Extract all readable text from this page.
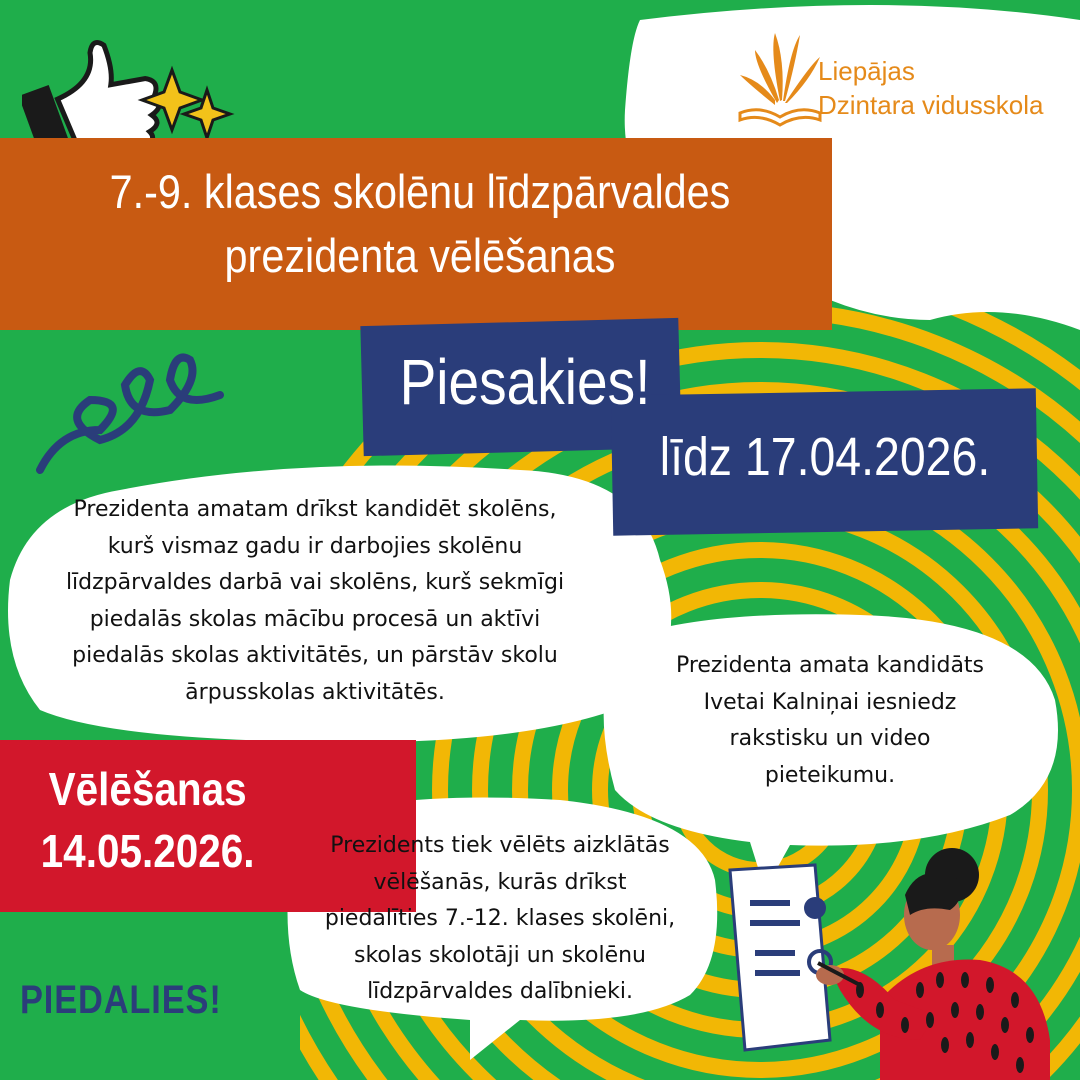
Liepājas
Dzintara vidusskola
7.-9. klases skolēnu līdzpārvaldes
prezidenta vēlēšanas
Piesakies!
līdz 17.04.2026.
Prezidenta amatam drīkst kandidēt skolēns,
kurš vismaz gadu ir darbojies skolēnu
līdzpārvaldes darbā vai skolēns, kurš sekmīgi
piedalās skolas mācību procesā un aktīvi
piedalās skolas aktivitātēs, un pārstāv skolu
ārpusskolas aktivitātēs.
Prezidenta amata kandidāts
Ivetai Kalniņai iesniedz
rakstisku un video
pieteikumu.
Vēlēšanas
14.05.2026.	Prezidents tiek vēlēts aizklātās
vēlēšanās, kurās drīkst
piedalīties 7.-12. klases skolēni,
skolas skolotāji un skolēnu
līdzpārvaldes dalībnieki.
PIEDALIES!
